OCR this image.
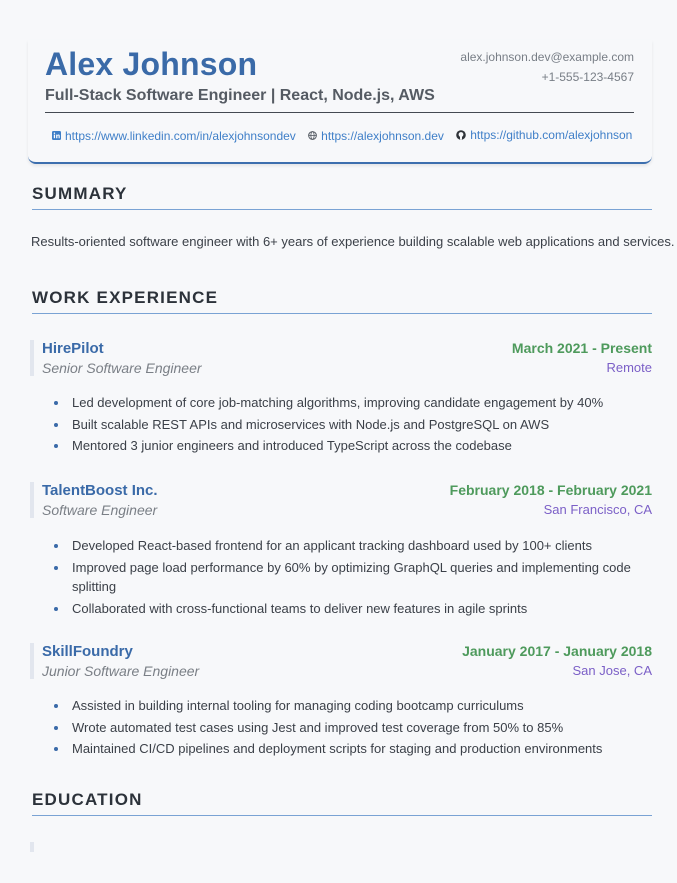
Alex Johnson
Full-Stack Software Engineer | React, Node.js, AWS
alex.johnson.dev@example.com
+1-555-123-4567
https://www.linkedin.com/in/alexjohnsondev
https://alexjohnson.dev
https://github.com/alexjohnson
SUMMARY
Results-oriented software engineer with 6+ years of experience building scalable web applications and services.
WORK EXPERIENCE
HirePilot
Senior Software Engineer
March 2021 - Present
Remote
Led development of core job-matching algorithms, improving candidate engagement by 40%
Built scalable REST APIs and microservices with Node.js and PostgreSQL on AWS
Mentored 3 junior engineers and introduced TypeScript across the codebase
TalentBoost Inc.
Software Engineer
February 2018 - February 2021
San Francisco, CA
Developed React-based frontend for an applicant tracking dashboard used by 100+ clients
Improved page load performance by 60% by optimizing GraphQL queries and implementing code splitting
Collaborated with cross-functional teams to deliver new features in agile sprints
SkillFoundry
Junior Software Engineer
January 2017 - January 2018
San Jose, CA
Assisted in building internal tooling for managing coding bootcamp curriculums
Wrote automated test cases using Jest and improved test coverage from 50% to 85%
Maintained CI/CD pipelines and deployment scripts for staging and production environments
EDUCATION
